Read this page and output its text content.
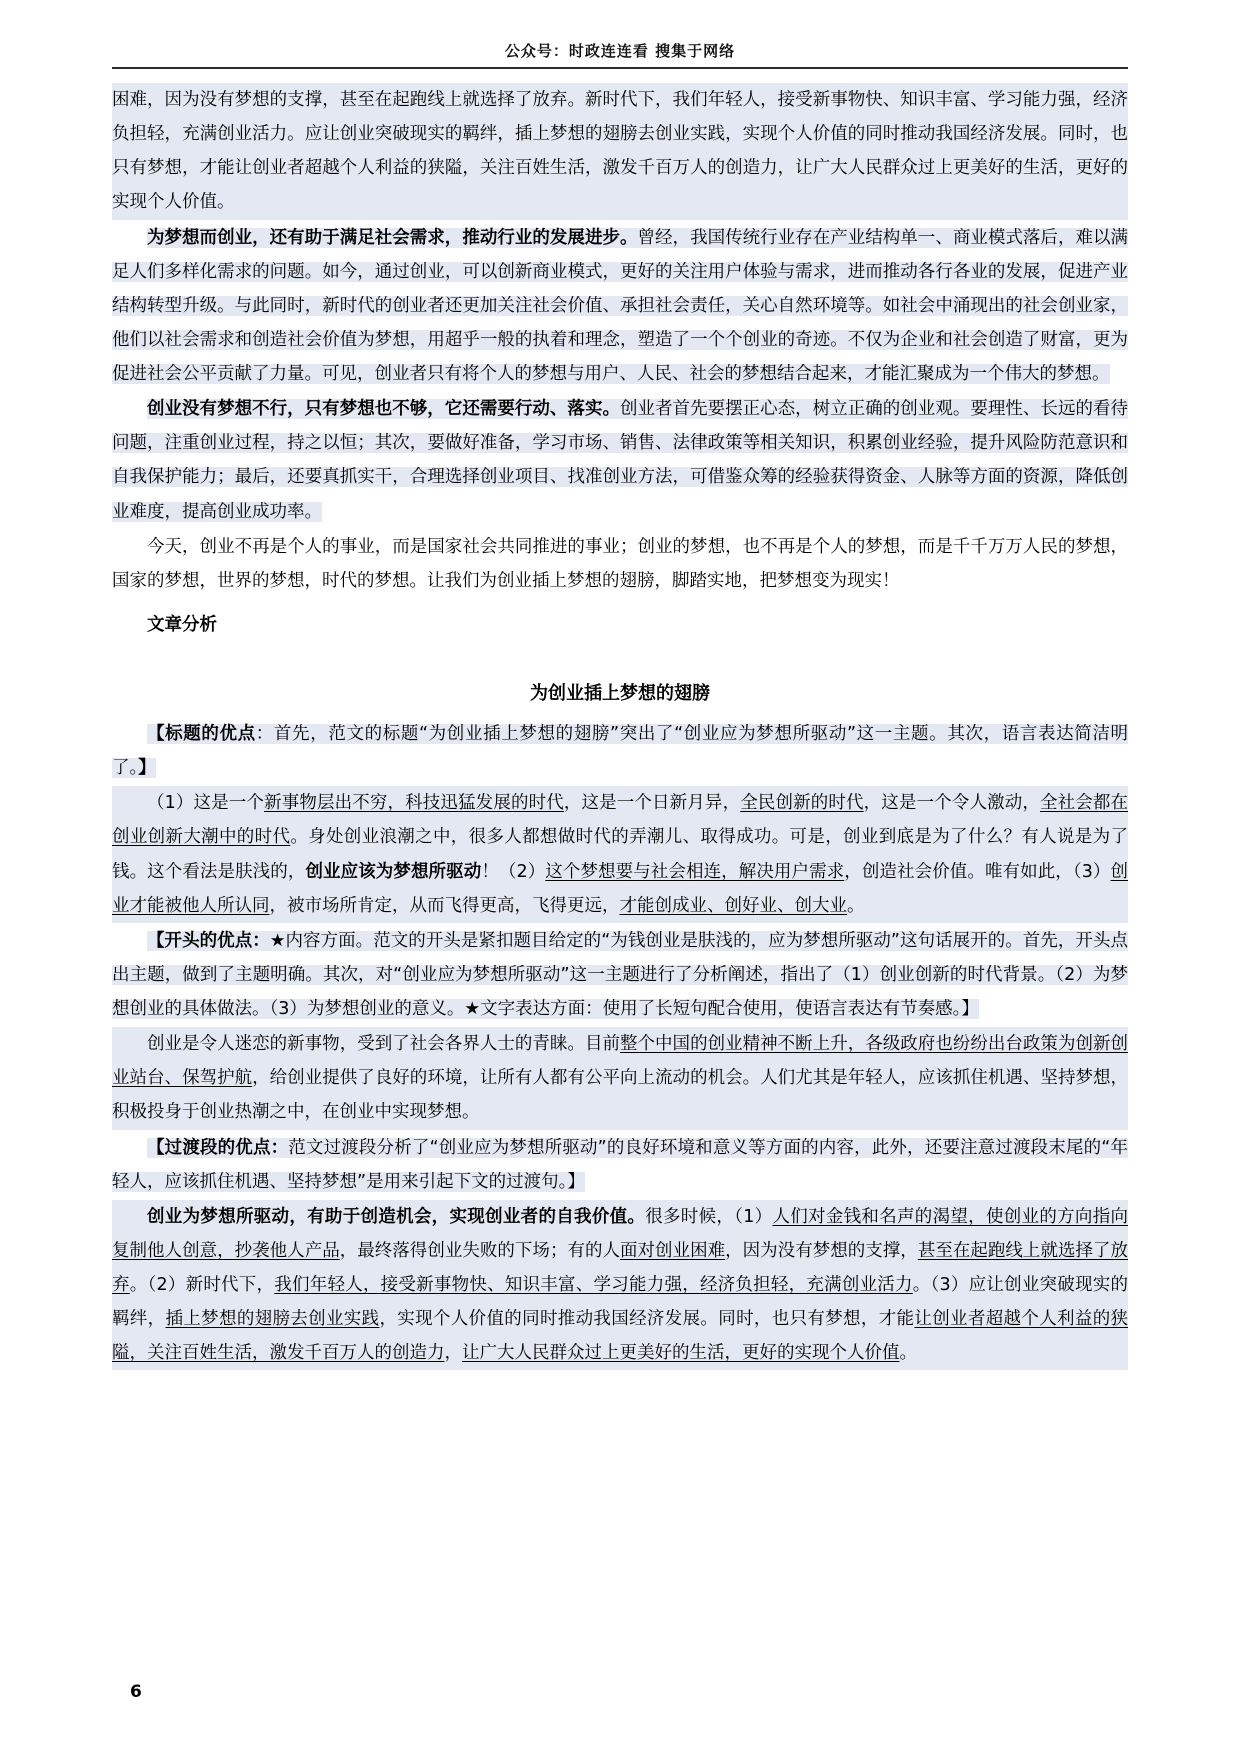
公众号：时政连连看 搜集于网络

困难，因为没有梦想的支撑，甚至在起跑线上就选择了放弃。新时代下，我们年轻人，接受新事物快、知识丰富、学习能力强，经济负担轻，充满创业活力。应让创业突破现实的羁绊，插上梦想的翅膀去创业实践，实现个人价值的同时推动我国经济发展。同时，也只有梦想，才能让创业者超越个人利益的狭隘，关注百姓生活，激发千百万人的创造力，让广大人民群众过上更美好的生活，更好的实现个人价值。

为梦想而创业，还有助于满足社会需求，推动行业的发展进步。曾经，我国传统行业存在产业结构单一、商业模式落后，难以满足人们多样化需求的问题。如今，通过创业，可以创新商业模式，更好的关注用户体验与需求，进而推动各行各业的发展，促进产业结构转型升级。与此同时，新时代的创业者还更加关注社会价值、承担社会责任，关心自然环境等。如社会中涌现出的社会创业家，他们以社会需求和创造社会价值为梦想，用超乎一般的执着和理念，塑造了一个个创业的奇迹。不仅为企业和社会创造了财富，更为促进社会公平贡献了力量。可见，创业者只有将个人的梦想与用户、人民、社会的梦想结合起来，才能汇聚成为一个伟大的梦想。

创业没有梦想不行，只有梦想也不够，它还需要行动、落实。创业者首先要摆正心态，树立正确的创业观。要理性、长远的看待问题，注重创业过程，持之以恒；其次，要做好准备，学习市场、销售、法律政策等相关知识，积累创业经验，提升风险防范意识和自我保护能力；最后，还要真抓实干，合理选择创业项目、找准创业方法，可借鉴众筹的经验获得资金、人脉等方面的资源，降低创业难度，提高创业成功率。

今天，创业不再是个人的事业，而是国家社会共同推进的事业；创业的梦想，也不再是个人的梦想，而是千千万万人民的梦想，国家的梦想，世界的梦想，时代的梦想。让我们为创业插上梦想的翅膀，脚踏实地，把梦想变为现实！

文章分析

为创业插上梦想的翅膀

【标题的优点：首先，范文的标题“为创业插上梦想的翅膀”突出了“创业应为梦想所驱动”这一主题。其次，语言表达简洁明了。】

（1）这是一个新事物层出不穷，科技迅猛发展的时代，这是一个日新月异，全民创新的时代，这是一个令人激动，全社会都在创业创新大潮中的时代。身处创业浪潮之中，很多人都想做时代的弄潮儿、取得成功。可是，创业到底是为了什么？有人说是为了钱。这个看法是肤浅的，创业应该为梦想所驱动！（2）这个梦想要与社会相连，解决用户需求，创造社会价值。唯有如此，（3）创业才能被他人所认同，被市场所肯定，从而飞得更高，飞得更远，才能创成业、创好业、创大业。

【开头的优点：★内容方面。范文的开头是紧扣题目给定的“为钱创业是肤浅的，应为梦想所驱动”这句话展开的。首先，开头点出主题，做到了主题明确。其次，对“创业应为梦想所驱动”这一主题进行了分析阐述，指出了（1）创业创新的时代背景。（2）为梦想创业的具体做法。（3）为梦想创业的意义。★文字表达方面：使用了长短句配合使用，使语言表达有节奏感。】

创业是令人迷恋的新事物，受到了社会各界人士的青睐。目前整个中国的创业精神不断上升，各级政府也纷纷出台政策为创新创业站台、保驾护航，给创业提供了良好的环境，让所有人都有公平向上流动的机会。人们尤其是年轻人，应该抓住机遇、坚持梦想，积极投身于创业热潮之中，在创业中实现梦想。

【过渡段的优点：范文过渡段分析了“创业应为梦想所驱动”的良好环境和意义等方面的内容，此外，还要注意过渡段末尾的“年轻人，应该抓住机遇、坚持梦想”是用来引起下文的过渡句。】

创业为梦想所驱动，有助于创造机会，实现创业者的自我价值。很多时候，（1）人们对金钱和名声的渴望，使创业的方向指向复制他人创意，抄袭他人产品，最终落得创业失败的下场；有的人面对创业困难，因为没有梦想的支撑，甚至在起跑线上就选择了放弃。（2）新时代下，我们年轻人，接受新事物快、知识丰富、学习能力强，经济负担轻，充满创业活力。（3）应让创业突破现实的羁绊，插上梦想的翅膀去创业实践，实现个人价值的同时推动我国经济发展。同时，也只有梦想，才能让创业者超越个人利益的狭隘，关注百姓生活，激发千百万人的创造力，让广大人民群众过上更美好的生活，更好的实现个人价值。

6
